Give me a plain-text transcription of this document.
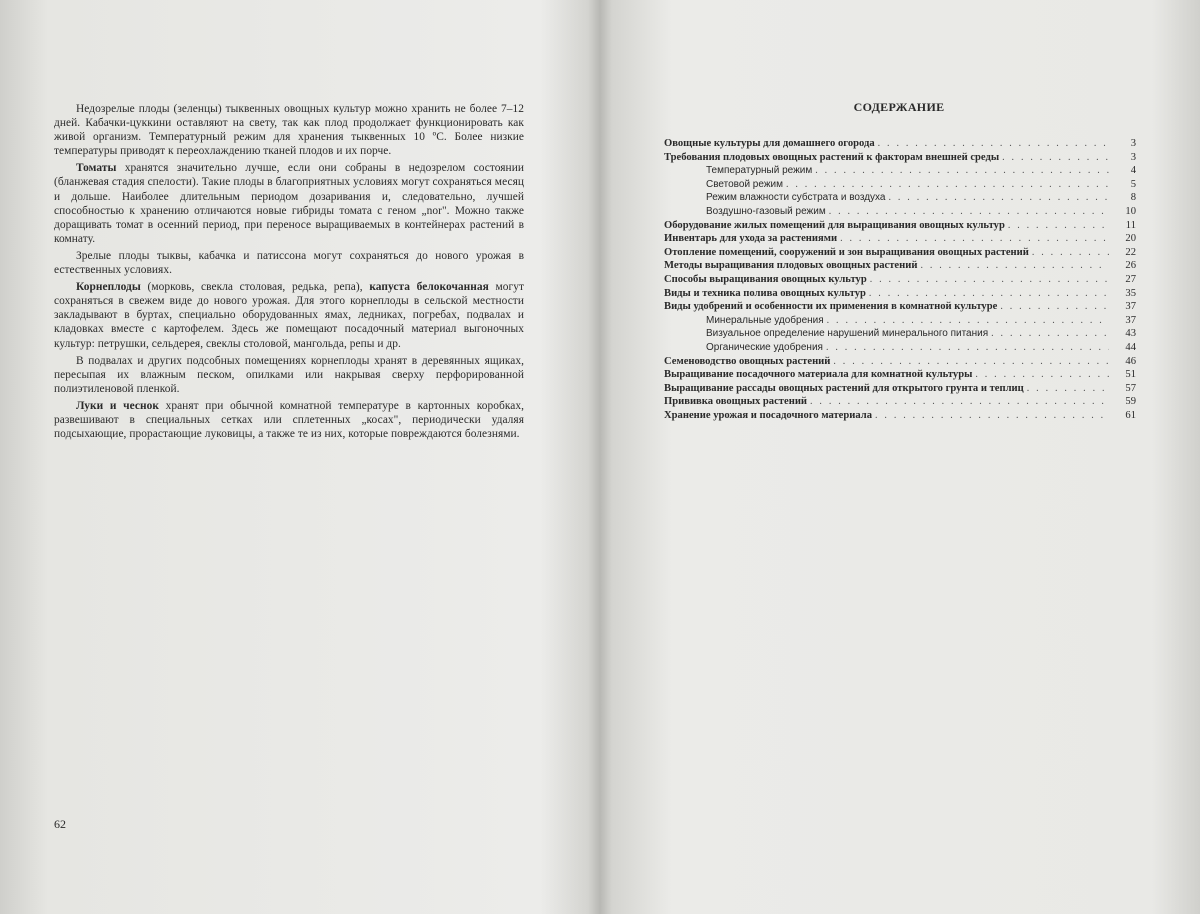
Недозрелые плоды (зеленцы) тыквенных овощных культур можно хранить не более 7–12 дней. Кабачки-цуккини оставляют на свету, так как плод продолжает функционировать как живой организм. Температурный режим для хранения тыквенных 10 ºС. Более низкие температуры приводят к переохлаждению тканей плодов и их порче.

Томаты хранятся значительно лучше, если они собраны в недозрелом состоянии (бланжевая стадия спелости). Такие плоды в благоприятных условиях могут сохраняться месяц и дольше. Наиболее длительным периодом дозаривания и, следовательно, лучшей способностью к хранению отличаются новые гибриды томата с геном „nor". Можно также доращивать томат в осенний период, при переносе выращиваемых в контейнерах растений в комнату.

Зрелые плоды тыквы, кабачка и патиссона могут сохраняться до нового урожая в естественных условиях.

Корнеплоды (морковь, свекла столовая, редька, репа), капуста белокочанная могут сохраняться в свежем виде до нового урожая. Для этого корнеплоды в сельской местности закладывают в буртах, специально оборудованных ямах, ледниках, погребах, подвалах и кладовках вместе с картофелем. Здесь же помещают посадочный материал выгоночных культур: петрушки, сельдерея, свеклы столовой, мангольда, репы и др.

В подвалах и других подсобных помещениях корнеплоды хранят в деревянных ящиках, пересыпая их влажным песком, опилками или накрывая сверху перфорированной полиэтиленовой пленкой.

Луки и чеснок хранят при обычной комнатной температуре в картонных коробках, развешивают в специальных сетках или сплетенных „косах", периодически удаляя подсыхающие, прорастающие луковицы, а также те из них, которые повреждаются болезнями.

62
СОДЕРЖАНИЕ
Овощные культуры для домашнего огорода . . .	3
Требования плодовых овощных растений к факторам внешней среды . . .	3
Температурный режим . . .	4
Световой режим . . .	5
Режим влажности субстрата и воздуха . . .	8
Воздушно-газовый режим . . .	10
Оборудование жилых помещений для выращивания овощных культур . . .	11
Инвентарь для ухода за растениями . . .	20
Отопление помещений, сооружений и зон выращивания овощных растений . . .	22
Методы выращивания плодовых овощных растений . . .	26
Способы выращивания овощных культур . . .	27
Виды и техника полива овощных культур . . .	35
Виды удобрений и особенности их применения в комнатной культуре . . .	37
Минеральные удобрения . . .	37
Визуальное определение нарушений минерального питания . . .	43
Органические удобрения . . .	44
Семеноводство овощных растений . . .	46
Выращивание посадочного материала для комнатной культуры . . .	51
Выращивание рассады овощных растений для открытого грунта и теплиц . . .	57
Прививка овощных растений . . .	59
Хранение урожая и посадочного материала . . .	61
